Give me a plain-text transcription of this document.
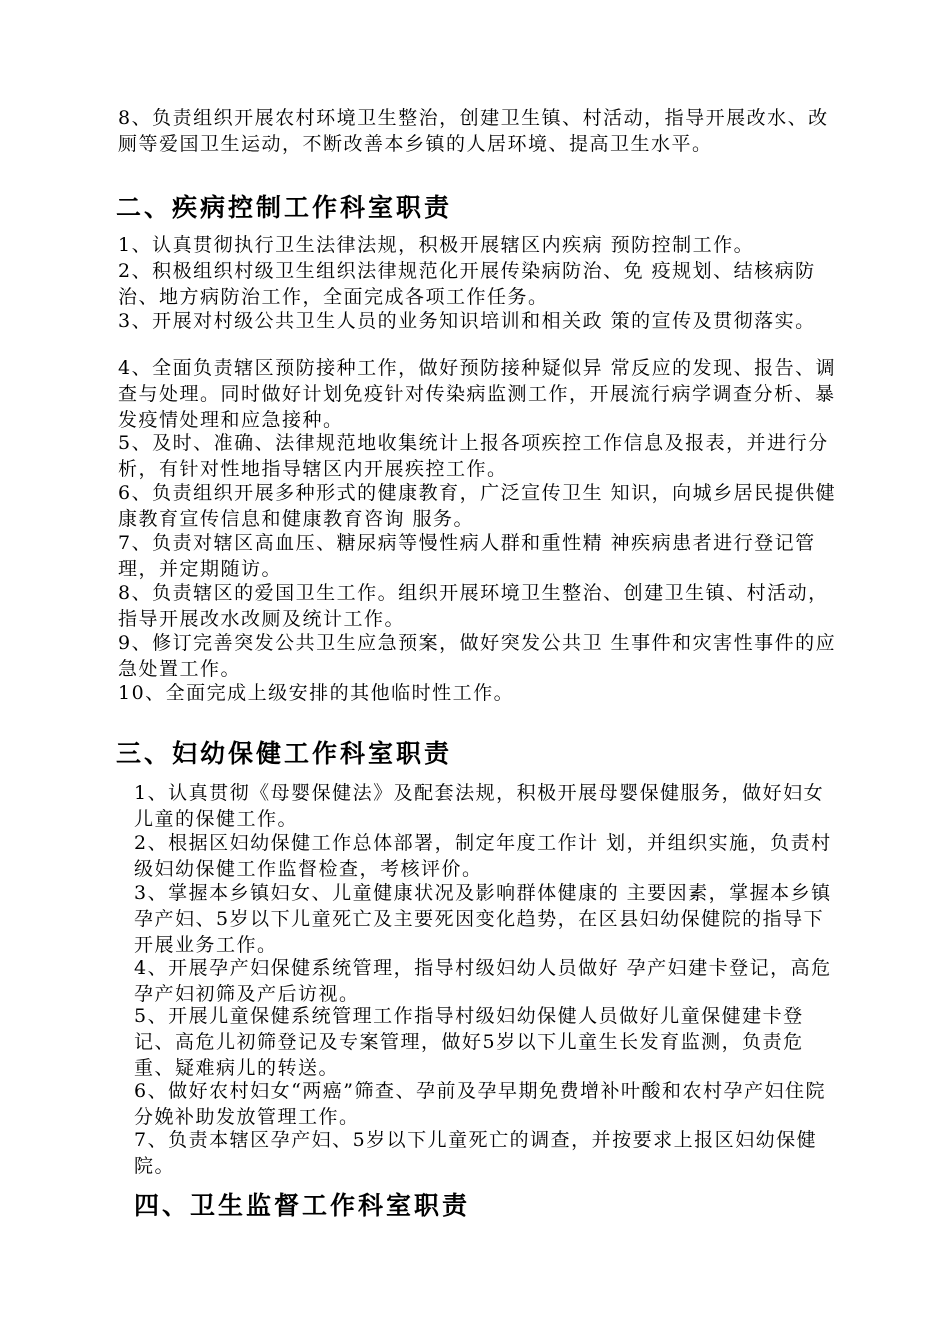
8、负责组织开展农村环境卫生整治，创建卫生镇、村活动，指导开展改水、改厕等爱国卫生运动，不断改善本乡镇的人居环境、提高卫生水平。

二、疾病控制工作科室职责

1、认真贯彻执行卫生法律法规，积极开展辖区内疾病 预防控制工作。

2、积极组织村级卫生组织法律规范化开展传染病防治、免 疫规划、结核病防治、地方病防治工作，全面完成各项工作任务。

3、开展对村级公共卫生人员的业务知识培训和相关政 策的宣传及贯彻落实。

4、全面负责辖区预防接种工作，做好预防接种疑似异 常反应的发现、报告、调查与处理。同时做好计划免疫针对传染病监测工作，开展流行病学调查分析、暴发疫情处理和应急接种。

5、及时、准确、法律规范地收集统计上报各项疾控工作信息及报表，并进行分析，有针对性地指导辖区内开展疾控工作。

6、负责组织开展多种形式的健康教育，广泛宣传卫生 知识，向城乡居民提供健康教育宣传信息和健康教育咨询 服务。

7、负责对辖区高血压、糖尿病等慢性病人群和重性精 神疾病患者进行登记管理，并定期随访。

8、负责辖区的爱国卫生工作。组织开展环境卫生整治、创建卫生镇、村活动，指导开展改水改厕及统计工作。

9、修订完善突发公共卫生应急预案，做好突发公共卫 生事件和灾害性事件的应急处置工作。

10、全面完成上级安排的其他临时性工作。

三、妇幼保健工作科室职责

1、认真贯彻《母婴保健法》及配套法规，积极开展母婴保健服务，做好妇女儿童的保健工作。

2、根据区妇幼保健工作总体部署，制定年度工作计 划，并组织实施，负责村级妇幼保健工作监督检查，考核评价。

3、掌握本乡镇妇女、儿童健康状况及影响群体健康的 主要因素，掌握本乡镇孕产妇、5岁以下儿童死亡及主要死因变化趋势，在区县妇幼保健院的指导下开展业务工作。

4、开展孕产妇保健系统管理，指导村级妇幼人员做好 孕产妇建卡登记，高危孕产妇初筛及产后访视。

5、开展儿童保健系统管理工作指导村级妇幼保健人员做好儿童保健建卡登记、高危儿初筛登记及专案管理，做好5岁以下儿童生长发育监测，负责危重、疑难病儿的转送。

6、做好农村妇女“两癌”筛查、孕前及孕早期免费增补叶酸和农村孕产妇住院分娩补助发放管理工作。

7、负责本辖区孕产妇、5岁以下儿童死亡的调查，并按要求上报区妇幼保健院。

四、卫生监督工作科室职责
